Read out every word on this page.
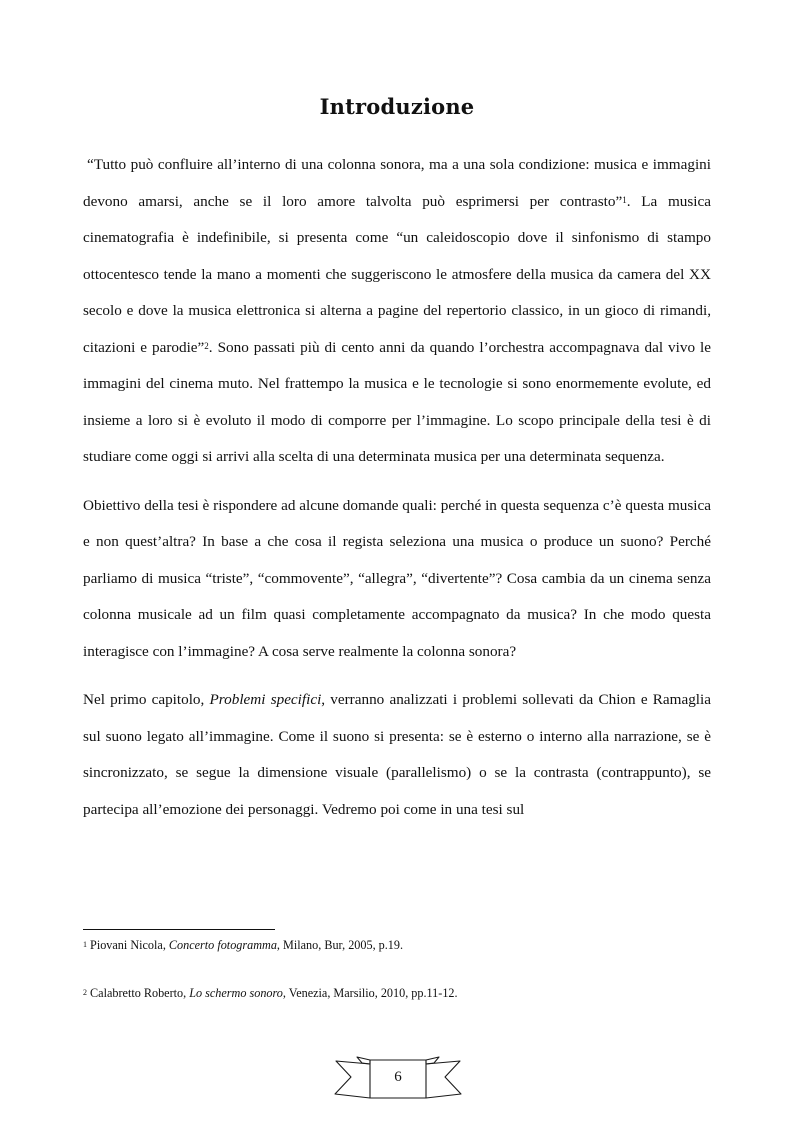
Introduzione

“Tutto può confluire all’interno di una colonna sonora, ma a una sola condizione: musica e immagini devono amarsi, anche se il loro amore talvolta può esprimersi per contrasto”$^1$. La musica cinematografia è indefinibile, si presenta come “un caleidoscopio dove il sinfonismo di stampo ottocentesco tende la mano a momenti che suggeriscono le atmosfere della musica da camera del XX secolo e dove la musica elettronica si alterna a pagine del repertorio classico, in un gioco di rimandi, citazioni e parodie”$^2$. Sono passati più di cento anni da quando l’orchestra accompagnava dal vivo le immagini del cinema muto. Nel frattempo la musica e le tecnologie si sono enormemente evolute, ed insieme a loro si è evoluto il modo di comporre per l’immagine. Lo scopo principale della tesi è di studiare come oggi si arrivi alla scelta di una determinata musica per una determinata sequenza.

Obiettivo della tesi è rispondere ad alcune domande quali: perché in questa sequenza c’è questa musica e non quest’altra? In base a che cosa il regista seleziona una musica o produce un suono? Perché parliamo di musica “triste”, “commovente”, “allegra”, “divertente”? Cosa cambia da un cinema senza colonna musicale ad un film quasi completamente accompagnato da musica? In che modo questa interagisce con l’immagine? A cosa serve realmente la colonna sonora?

Nel primo capitolo, Problemi specifici, verranno analizzati i problemi sollevati da Chion e Ramaglia sul suono legato all’immagine. Come il suono si presenta: se è esterno o interno alla narrazione, se è sincronizzato, se segue la dimensione visuale (parallelismo) o se la contrasta (contrappunto), se partecipa all’emozione dei personaggi. Vedremo poi come in una tesi sul

$^1$ Piovani Nicola, Concerto fotogramma, Milano, Bur, 2005, p.19.

$^2$ Calabretto Roberto, Lo schermo sonoro, Venezia, Marsilio, 2010, pp.11-12.

6
